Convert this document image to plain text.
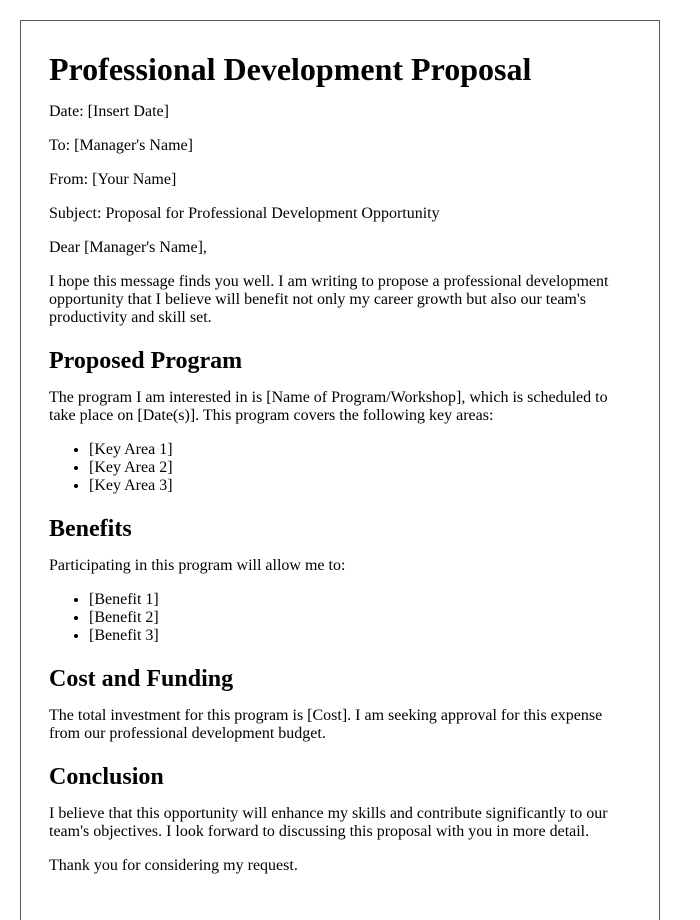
Professional Development Proposal

Date: [Insert Date]

To: [Manager's Name]

From: [Your Name]

Subject: Proposal for Professional Development Opportunity

Dear [Manager's Name],

I hope this message finds you well. I am writing to propose a professional development opportunity that I believe will benefit not only my career growth but also our team's productivity and skill set.

Proposed Program

The program I am interested in is [Name of Program/Workshop], which is scheduled to take place on [Date(s)]. This program covers the following key areas:

• [Key Area 1]
• [Key Area 2]
• [Key Area 3]
Benefits

Participating in this program will allow me to:

• [Benefit 1]
• [Benefit 2]
• [Benefit 3]
Cost and Funding

The total investment for this program is [Cost]. I am seeking approval for this expense from our professional development budget.

Conclusion

I believe that this opportunity will enhance my skills and contribute significantly to our team's objectives. I look forward to discussing this proposal with you in more detail.

Thank you for considering my request.
